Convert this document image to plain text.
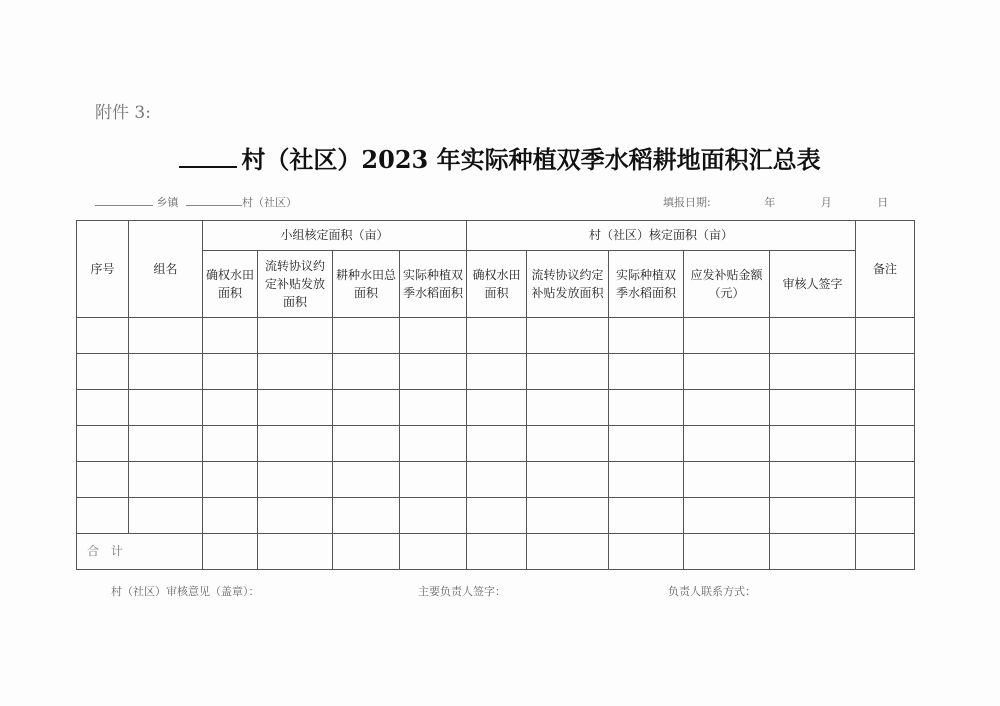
附件 3:
村（社区）2023 年实际种植双季水稻耕地面积汇总表
乡镇	村（社区）	填报日期:	年	月	日
序号	组名	小组核定面积（亩）				村（社区）核定面积（亩）					备注
		确权水田面积	流转协议约定补贴发放面积	耕种水田总面积	实际种植双季水稻面积	确权水田面积	流转协议约定补贴发放面积	实际种植双季水稻面积	应发补贴金额（元）	审核人签字	

合 计											
村（社区）审核意见（盖章）：	主要负责人签字：	负责人联系方式：
